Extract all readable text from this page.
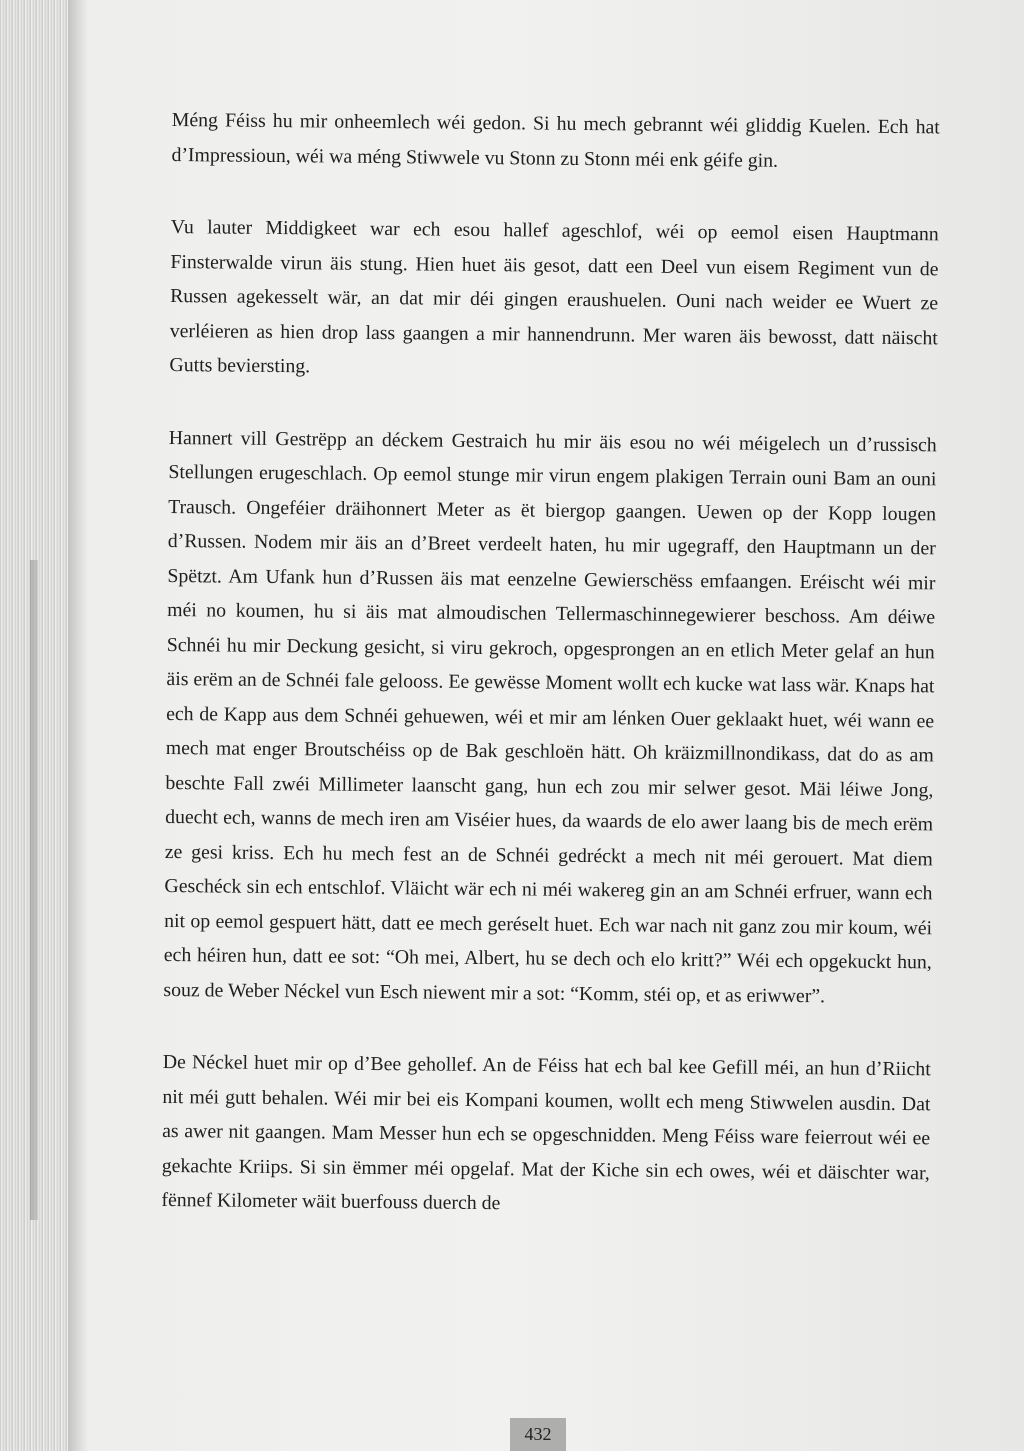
Méng Féiss hu mir onheemlech wéi gedon. Si hu mech gebrannt wéi gliddig Kuelen. Ech hat d’Impressioun, wéi wa méng Stiwwele vu Stonn zu Stonn méi enk géife gin.

Vu lauter Middigkeet war ech esou hallef ageschlof, wéi op eemol eisen Hauptmann Finsterwalde virun äis stung. Hien huet äis gesot, datt een Deel vun eisem Regiment vun de Russen agekesselt wär, an dat mir déi gingen eraushuelen. Ouni nach weider ee Wuert ze verléieren as hien drop lass gaangen a mir hannendrunn. Mer waren äis bewosst, datt näischt Gutts beviersting.

Hannert vill Gestrëpp an déckem Gestraich hu mir äis esou no wéi méigelech un d’russisch Stellungen erugeschlach. Op eemol stunge mir virun engem plakigen Terrain ouni Bam an ouni Trausch. Ongeféier dräihonnert Meter as ët biergop gaangen. Uewen op der Kopp lougen d’Russen. Nodem mir äis an d’Breet verdeelt haten, hu mir ugegraff, den Hauptmann un der Spëtzt. Am Ufank hun d’Russen äis mat eenzelne Gewierschëss emfaangen. Eréischt wéi mir méi no koumen, hu si äis mat almoudischen Tellermaschinnegewierer beschoss. Am déiwe Schnéi hu mir Deckung gesicht, si viru gekroch, opgesprongen an en etlich Meter gelaf an hun äis erëm an de Schnéi fale gelooss. Ee gewësse Moment wollt ech kucke wat lass wär. Knaps hat ech de Kapp aus dem Schnéi gehuewen, wéi et mir am lénken Ouer geklaakt huet, wéi wann ee mech mat enger Broutschéiss op de Bak geschloën hätt. Oh kräizmillnondikass, dat do as am beschte Fall zwéi Millimeter laanscht gang, hun ech zou mir selwer gesot. Mäi léiwe Jong, duecht ech, wanns de mech iren am Viséier hues, da waards de elo awer laang bis de mech erëm ze gesi kriss. Ech hu mech fest an de Schnéi gedréckt a mech nit méi gerouert. Mat diem Geschéck sin ech entschlof. Vläicht wär ech ni méi wakereg gin an am Schnéi erfruer, wann ech nit op eemol gespuert hätt, datt ee mech geréselt huet. Ech war nach nit ganz zou mir koum, wéi ech héiren hun, datt ee sot: “Oh mei, Albert, hu se dech och elo kritt?” Wéi ech opgekuckt hun, souz de Weber Néckel vun Esch niewent mir a sot: “Komm, stéi op, et as eriwwer”.

De Néckel huet mir op d’Bee gehollef. An de Féiss hat ech bal kee Gefill méi, an hun d’Riicht nit méi gutt behalen. Wéi mir bei eis Kompani koumen, wollt ech meng Stiwwelen ausdin. Dat as awer nit gaangen. Mam Messer hun ech se opgeschnidden. Meng Féiss ware feierrout wéi ee gekachte Kriips. Si sin ëmmer méi opgelaf. Mat der Kiche sin ech owes, wéi et däischter war, fënnef Kilometer wäit buerfouss duerch de

432
